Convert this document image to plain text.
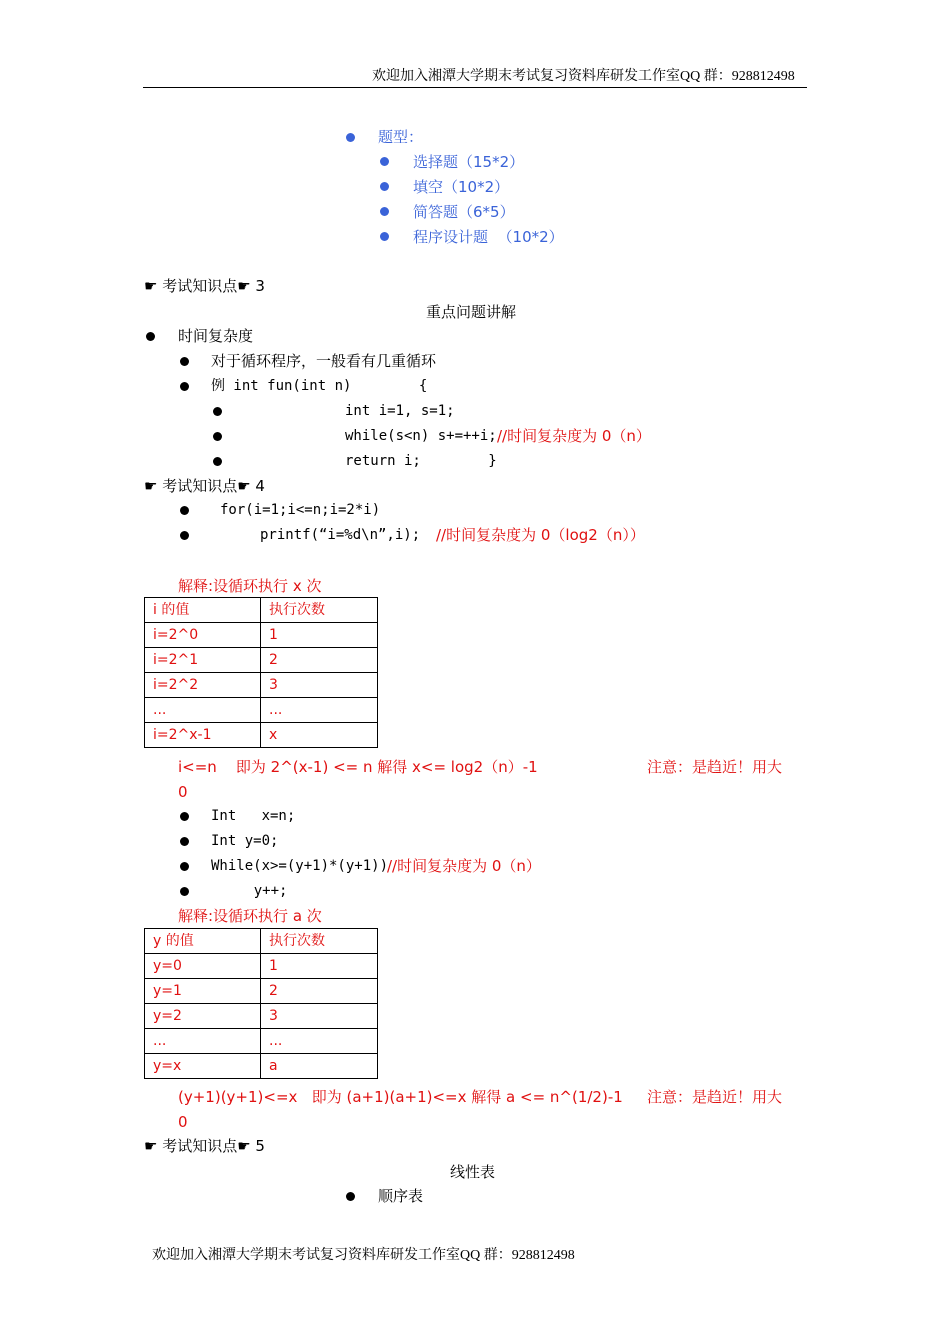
欢迎加入湘潭大学期末考试复习资料库研发工作室QQ 群：928812498
题型：
选择题（15*2）
填空（10*2）
简答题（6*5）
程序设计题  （10*2）
☛ 考试知识点☛ 3
重点问题讲解
时间复杂度
对于循环程序，一般看有几重循环
例 int fun(int n)        {
int i=1, s=1;
while(s<n) s+=++i; //时间复杂度为 0（n）
return i;        }
☛ 考试知识点☛ 4
for(i=1;i<=n;i=2*i)
printf(“i=%d\n”,i); //时间复杂度为 0（log2（n））
解释:设循环执行 x 次
i 的值	执行次数
i=2^0	1
i=2^1	2
i=2^2	3
...	...
i=2^x-1	x
i<=n    即为 2^(x-1) <= n 解得 x<= log2（n）-1	注意：是趋近！用大
0
Int   x=n;
Int y=0;
While(x>=(y+1)*(y+1))
//时间复杂度为 0（n）
y++;
解释:设循环执行 a 次
y 的值	执行次数
y=0	1
y=1	2
y=2	3
...	...
y=x	a
(y+1)(y+1)<=x   即为 (a+1)(a+1)<=x 解得 a <= n^(1/2)-1 注意：是趋近！用大
0
☛ 考试知识点☛ 5
线性表
顺序表
欢迎加入湘潭大学期末考试复习资料库研发工作室QQ 群：928812498
